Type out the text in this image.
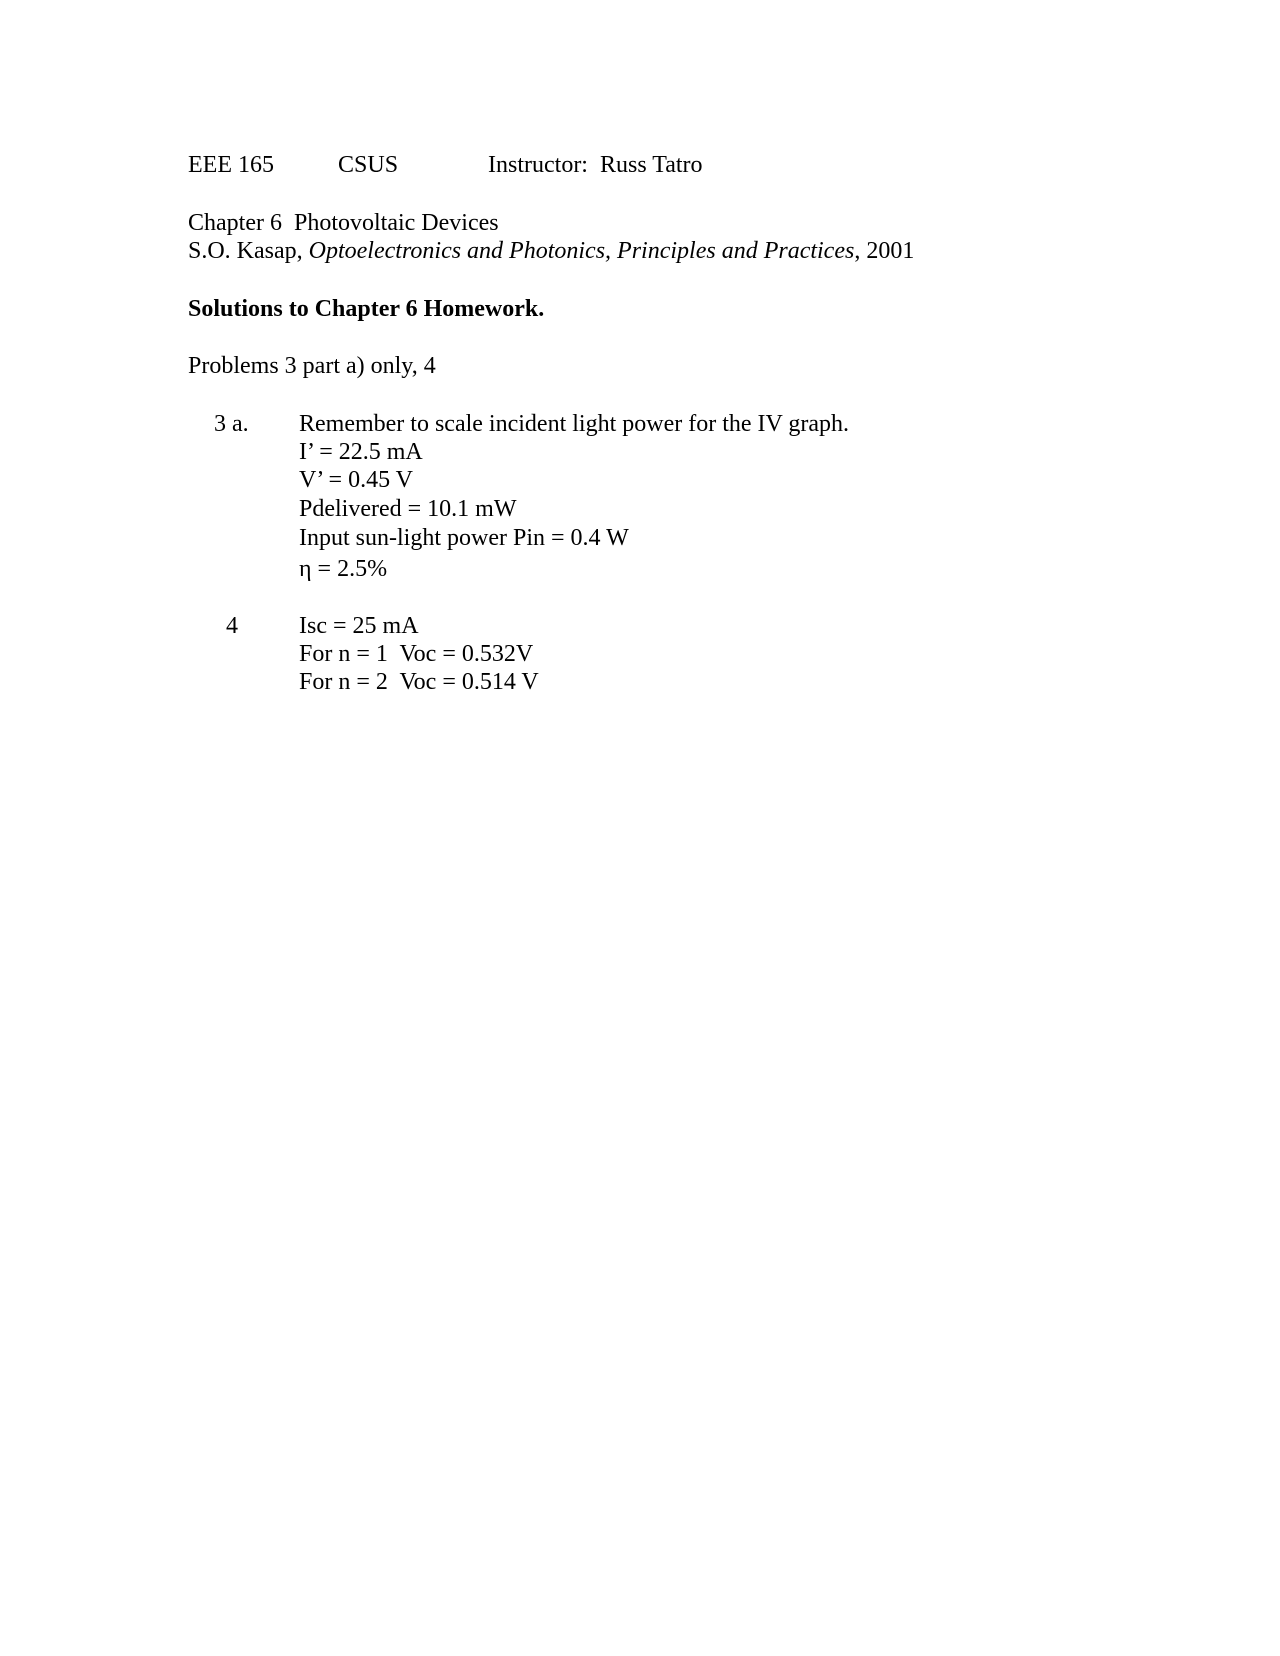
EEE 165	CSUS	Instructor:  Russ Tatro
Chapter 6  Photovoltaic Devices
S.O. Kasap, Optoelectronics and Photonics, Principles and Practices, 2001
Solutions to Chapter 6 Homework.
Problems 3 part a) only, 4
3 a. Remember to scale incident light power for the IV graph.
I’ = 22.5 mA
V’ = 0.45 V
Pdelivered = 10.1 mW
Input sun-light power Pin = 0.4 W
η = 2.5%
4	Isc = 25 mA
For n = 1  Voc = 0.532V
For n = 2  Voc = 0.514 V
